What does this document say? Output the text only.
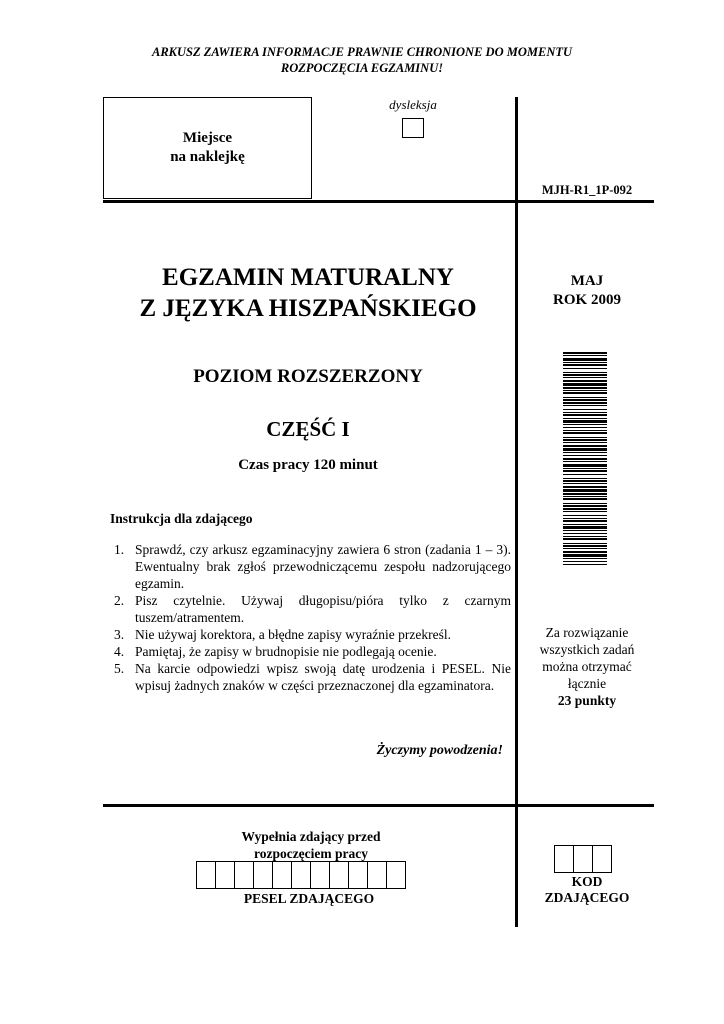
ARKUSZ ZAWIERA INFORMACJE PRAWNIE CHRONIONE DO MOMENTU
ROZPOCZĘCIA EGZAMINU!
Miejsce
na naklejkę
dysleksja
MJH-R1_1P-092
EGZAMIN MATURALNY
Z JĘZYKA HISZPAŃSKIEGO
POZIOM ROZSZERZONY
CZĘŚĆ I
Czas pracy 120 minut
MAJ
ROK 2009
Instrukcja dla zdającego
1. Sprawdź, czy arkusz egzaminacyjny zawiera 6 stron (zadania 1 – 3). Ewentualny brak zgłoś przewodniczącemu zespołu nadzorującego egzamin.
2. Pisz czytelnie. Używaj długopisu/pióra tylko z czarnym tuszem/atramentem.
3. Nie używaj korektora, a błędne zapisy wyraźnie przekreśl.
4. Pamiętaj, że zapisy w brudnopisie nie podlegają ocenie.
5. Na karcie odpowiedzi wpisz swoją datę urodzenia i PESEL. Nie wpisuj żadnych znaków w części przeznaczonej dla egzaminatora.
Życzymy powodzenia!
Za rozwiązanie
wszystkich zadań
można otrzymać
łącznie
23 punkty
Wypełnia zdający przed
rozpoczęciem pracy
PESEL ZDAJĄCEGO
KOD
ZDAJĄCEGO
